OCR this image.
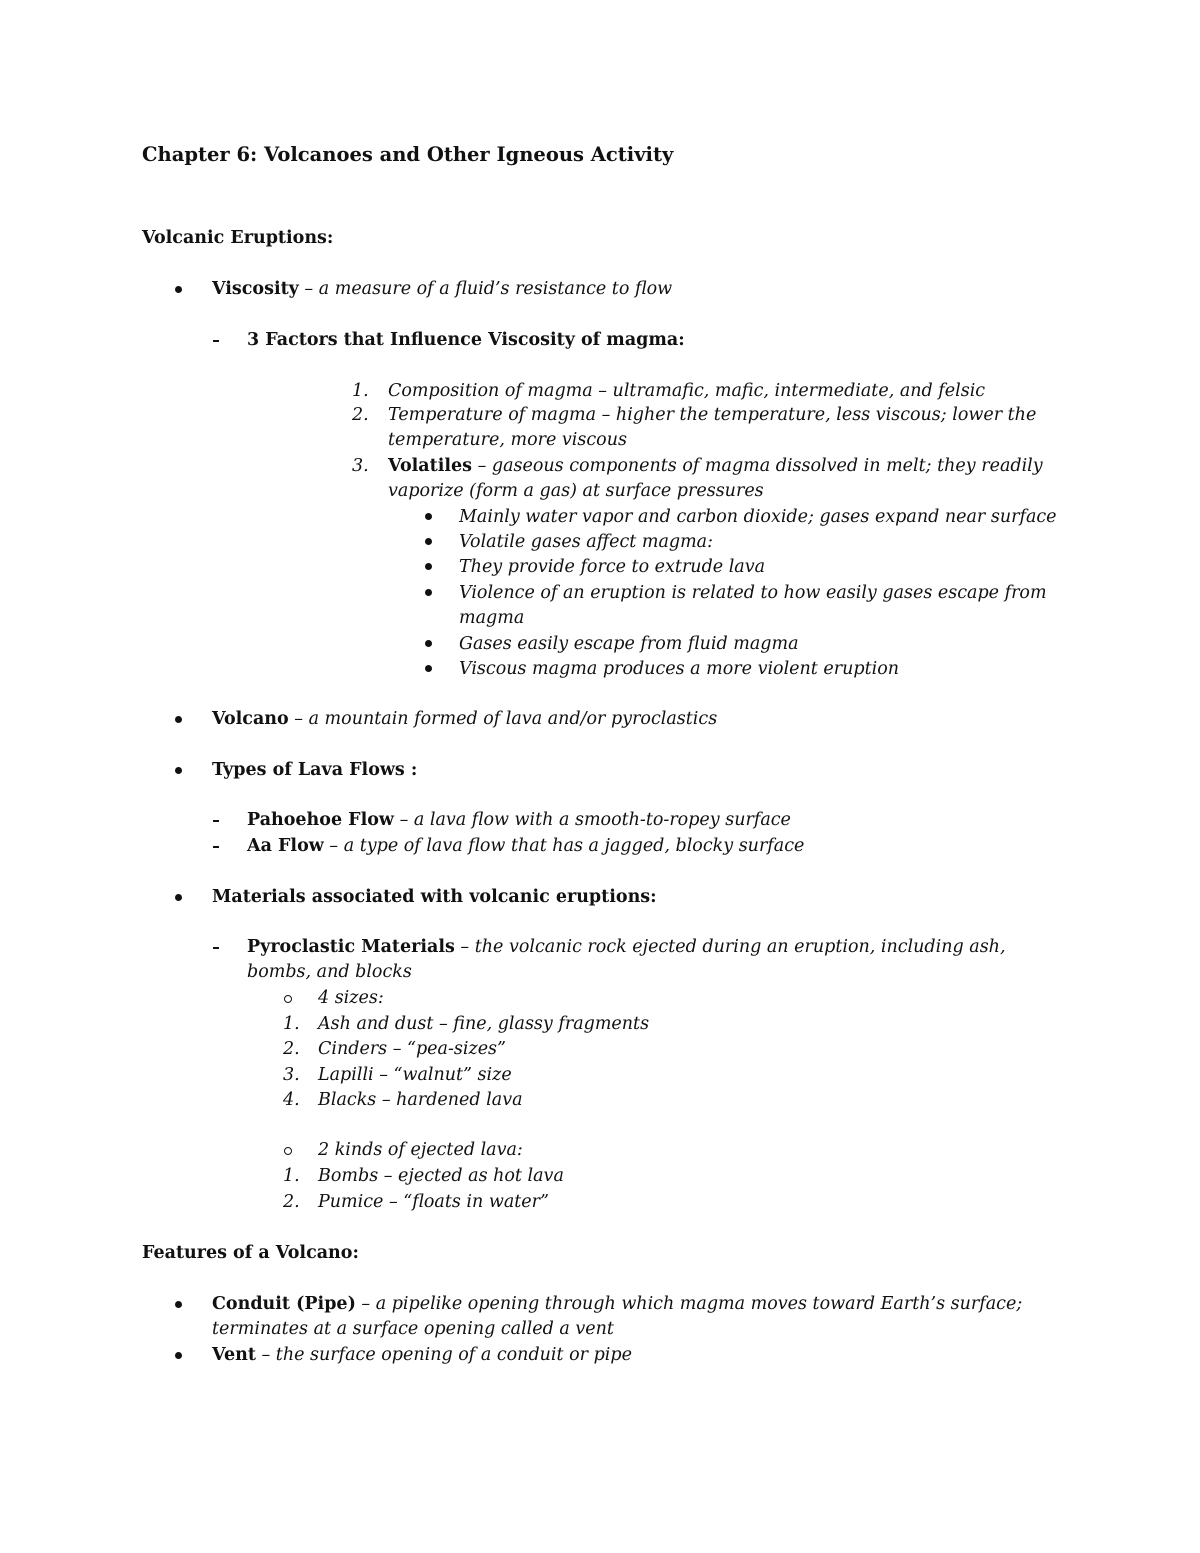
Chapter 6: Volcanoes and Other Igneous Activity
Volcanic Eruptions:
Viscosity – a measure of a fluid’s resistance to flow
3 Factors that Influence Viscosity of magma:
1. Composition of magma – ultramafic, mafic, intermediate, and felsic
2. Temperature of magma – higher the temperature, less viscous; lower the
temperature, more viscous
3. Volatiles – gaseous components of magma dissolved in melt; they readily
vaporize (form a gas) at surface pressures
Mainly water vapor and carbon dioxide; gases expand near surface
Volatile gases affect magma:
They provide force to extrude lava
Violence of an eruption is related to how easily gases escape from
magma
Gases easily escape from fluid magma
Viscous magma produces a more violent eruption
Volcano – a mountain formed of lava and/or pyroclastics
Types of Lava Flows :
Pahoehoe Flow – a lava flow with a smooth-to-ropey surface
Aa Flow – a type of lava flow that has a jagged, blocky surface
Materials associated with volcanic eruptions:
Pyroclastic Materials – the volcanic rock ejected during an eruption, including ash,
bombs, and blocks
4 sizes:
1. Ash and dust – fine, glassy fragments
2. Cinders – “pea-sizes”
3. Lapilli – “walnut” size
4. Blacks – hardened lava
2 kinds of ejected lava:
1. Bombs – ejected as hot lava
2. Pumice – “floats in water”
Features of a Volcano:
Conduit (Pipe) – a pipelike opening through which magma moves toward Earth’s surface;
terminates at a surface opening called a vent
Vent – the surface opening of a conduit or pipe
